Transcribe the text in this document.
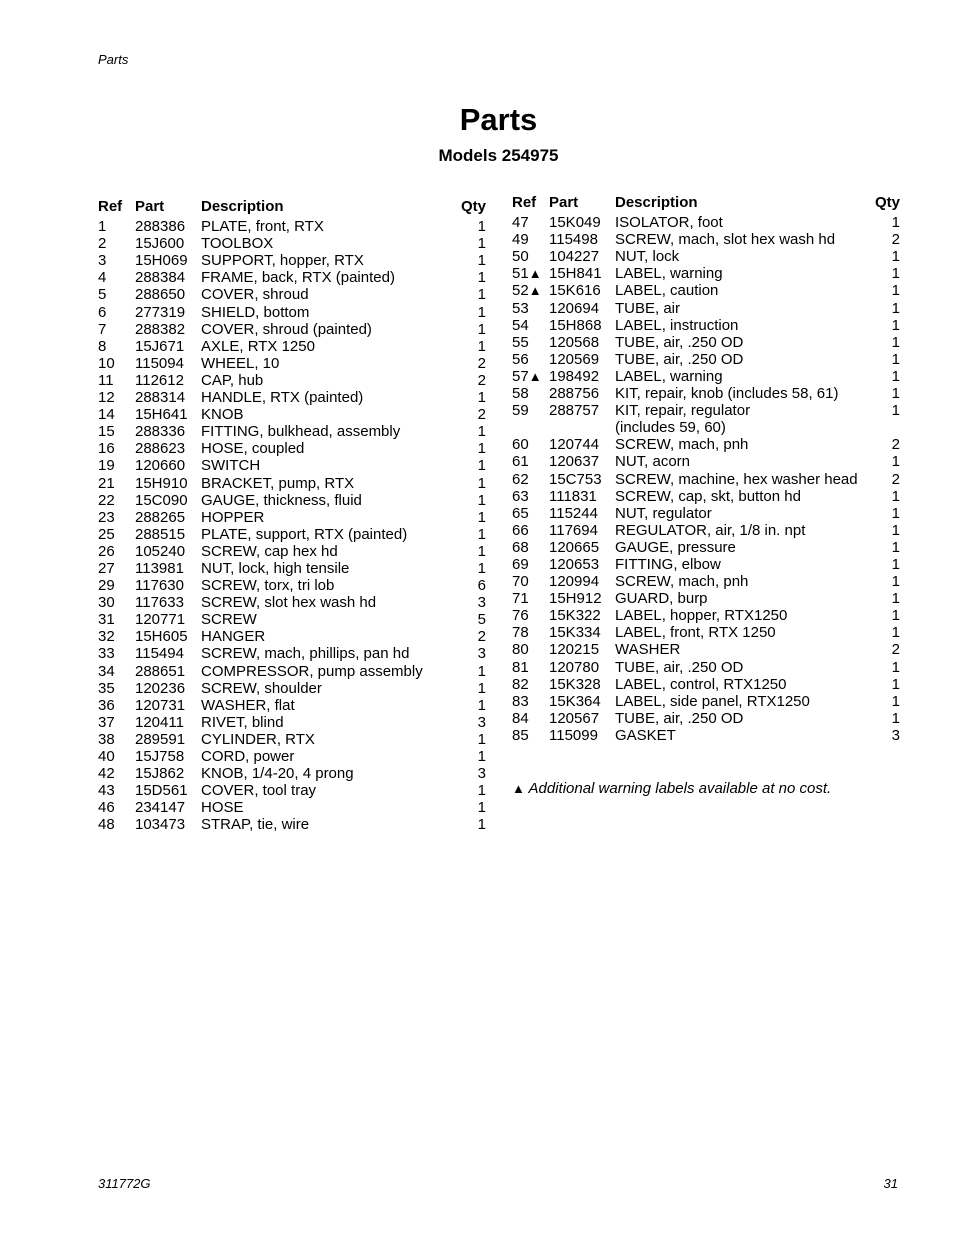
Parts
Parts
Models 254975
Ref Part	Description	Qty
1	288386	PLATE, front, RTX	1
2	15J600	TOOLBOX	1
3	15H069 SUPPORT, hopper, RTX	1
4	288384	FRAME, back, RTX (painted)	1
5	288650	COVER, shroud	1
6	277319	SHIELD, bottom	1
7	288382	COVER, shroud (painted)	1
8	15J671	AXLE, RTX 1250	1
10	115094	WHEEL, 10	2
11	112612	CAP, hub	2
12	288314	HANDLE, RTX (painted)	1
14	15H641 KNOB	2
15	288336	FITTING, bulkhead, assembly	1
16	288623	HOSE, coupled	1
19	120660	SWITCH	1
21	15H910 BRACKET, pump, RTX	1
22	15C090 GAUGE, thickness, fluid	1
23	288265	HOPPER	1
25	288515	PLATE, support, RTX (painted)	1
26	105240	SCREW, cap hex hd	1
27	113981	NUT, lock, high tensile	1
29	117630	SCREW, torx, tri lob	6
30	117633	SCREW, slot hex wash hd	3
31	120771	SCREW	5
32	15H605 HANGER	2
33	115494	SCREW, mach, phillips, pan hd	3
34	288651	COMPRESSOR, pump assembly	1
35	120236	SCREW, shoulder	1
36	120731	WASHER, flat	1
37	120411	RIVET, blind	3
38	289591	CYLINDER, RTX	1
40	15J758	CORD, power	1
42	15J862	KNOB, 1/4-20, 4 prong	3
43	15D561 COVER, tool tray	1
46	234147	HOSE	1
48	103473	STRAP, tie, wire	1
Ref Part	Description	Qty
47	15K049 ISOLATOR, foot	1
49	115498	SCREW, mach, slot hex wash hd	2
50	104227	NUT, lock	1
51▲ 15H841 LABEL, warning	1
52▲ 15K616 LABEL, caution	1
53	120694	TUBE, air	1
54	15H868 LABEL, instruction	1
55	120568	TUBE, air, .250 OD	1
56	120569	TUBE, air, .250 OD	1
57▲ 198492	LABEL, warning	1
58	288756	KIT, repair, knob (includes 58, 61)	1
59	288757	KIT, repair, regulator	1
(includes 59, 60)
60	120744	SCREW, mach, pnh	2
61	120637	NUT, acorn	1
62	15C753 SCREW, machine, hex washer head	2
63	111831	SCREW, cap, skt, button hd	1
65	115244	NUT, regulator	1
66	117694	REGULATOR, air, 1/8 in. npt	1
68	120665	GAUGE, pressure	1
69	120653	FITTING, elbow	1
70	120994	SCREW, mach, pnh	1
71	15H912 GUARD, burp	1
76	15K322 LABEL, hopper, RTX1250	1
78	15K334 LABEL, front, RTX 1250	1
80	120215	WASHER	2
81	120780	TUBE, air, .250 OD	1
82	15K328 LABEL, control, RTX1250	1
83	15K364 LABEL, side panel, RTX1250	1
84	120567	TUBE, air, .250 OD	1
85	115099	GASKET	3
▲ Additional warning labels available at no cost.
311772G	31
